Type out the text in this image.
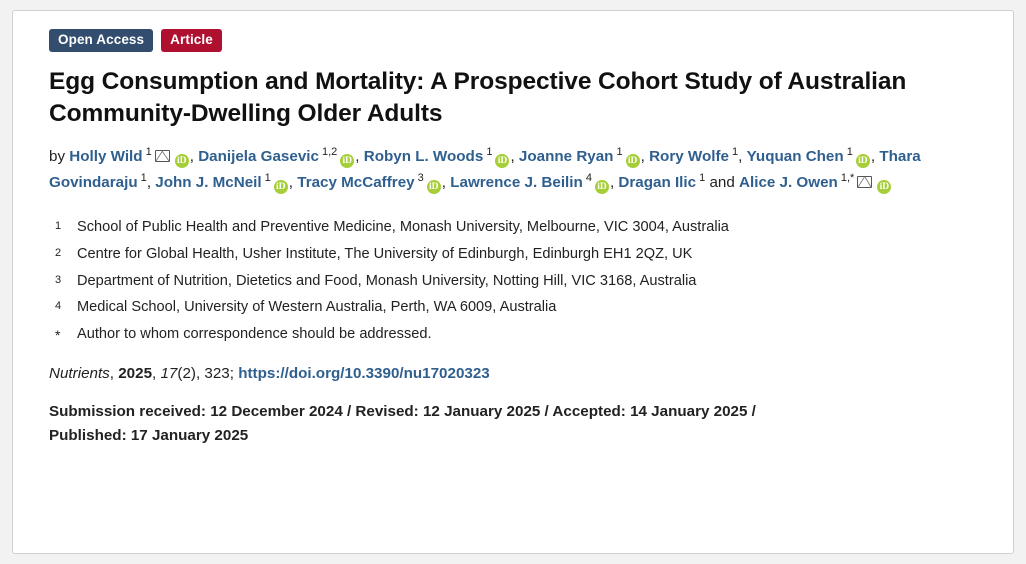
Open Access	Article
Egg Consumption and Mortality: A Prospective Cohort Study of Australian Community-Dwelling Older Adults
by Holly Wild $^1$iD , Danijela Gasevic $^{1,2}$iD , Robyn L. Woods $^1$iD , Joanne Ryan $^1$iD , Rory Wolfe $^1$, Yuquan Chen $^1$iD , Thara Govindaraju $^1$, John J. McNeil $^1$iD , Tracy McCaffrey $^3$iD , Lawrence J. Beilin $^4$iD , Dragan Ilic $^1$ and Alice J. Owen $^{1,*}$iD
1	School of Public Health and Preventive Medicine, Monash University, Melbourne, VIC 3004, Australia
2	Centre for Global Health, Usher Institute, The University of Edinburgh, Edinburgh EH1 2QZ, UK
3	Department of Nutrition, Dietetics and Food, Monash University, Notting Hill, VIC 3168, Australia
4	Medical School, University of Western Australia, Perth, WA 6009, Australia
*	Author to whom correspondence should be addressed.
Nutrients, 2025, 17(2), 323; https://doi.org/10.3390/nu17020323
Submission received: 12 December 2024 / Revised: 12 January 2025 / Accepted: 14 January 2025 /
Published: 17 January 2025
